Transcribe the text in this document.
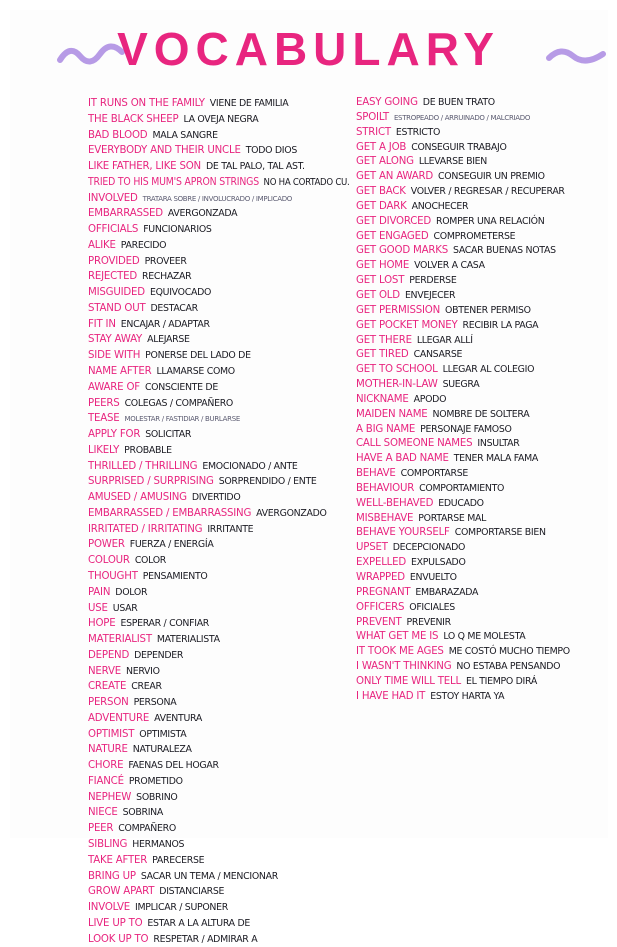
VOCABULARY
IT RUNS ON THE FAMILY VIENE DE FAMILIA
THE BLACK SHEEP LA OVEJA NEGRA
BAD BLOOD MALA SANGRE
EVERYBODY AND THEIR UNCLE TODO DIOS
LIKE FATHER, LIKE SON DE TAL PALO, TAL AST.
TRIED TO HIS MUM'S APRON STRINGS NO HA CORTADO CU.
INVOLVED TRATARA SOBRE / INVOLUCRADO / IMPLICADO
EMBARRASSED AVERGONZADA
OFFICIALS FUNCIONARIOS
ALIKE PARECIDO
PROVIDED PROVEER
REJECTED RECHAZAR
MISGUIDED EQUIVOCADO
STAND OUT DESTACAR
FIT IN ENCAJAR / ADAPTAR
STAY AWAY ALEJARSE
SIDE WITH PONERSE DEL LADO DE
NAME AFTER LLAMARSE COMO
AWARE OF CONSCIENTE DE
PEERS COLEGAS / COMPAÑERO
TEASE MOLESTAR / FASTIDIAR / BURLARSE
APPLY FOR SOLICITAR
LIKELY PROBABLE
THRILLED / THRILLING EMOCIONADO / ANTE
SURPRISED / SURPRISING SORPRENDIDO / ENTE
AMUSED / AMUSING DIVERTIDO
EMBARRASSED / EMBARRASSING AVERGONZADO
IRRITATED / IRRITATING IRRITANTE
POWER FUERZA / ENERGÍA
COLOUR COLOR
THOUGHT PENSAMIENTO
PAIN DOLOR
USE USAR
HOPE ESPERAR / CONFIAR
MATERIALIST MATERIALISTA
DEPEND DEPENDER
NERVE NERVIO
CREATE CREAR
PERSON PERSONA
ADVENTURE AVENTURA
OPTIMIST OPTIMISTA
NATURE NATURALEZA
CHORE FAENAS DEL HOGAR
FIANCÉ PROMETIDO
NEPHEW SOBRINO
NIECE SOBRINA
PEER COMPAÑERO
SIBLING HERMANOS
TAKE AFTER PARECERSE
BRING UP SACAR UN TEMA / MENCIONAR
GROW APART DISTANCIARSE
INVOLVE IMPLICAR / SUPONER
LIVE UP TO ESTAR A LA ALTURA DE
LOOK UP TO RESPETAR / ADMIRAR A
EASY GOING DE BUEN TRATO
SPOILT ESTROPEADO / ARRUINADO / MALCRIADO
STRICT ESTRICTO
GET A JOB CONSEGUIR TRABAJO
GET ALONG LLEVARSE BIEN
GET AN AWARD CONSEGUIR UN PREMIO
GET BACK VOLVER / REGRESAR / RECUPERAR
GET DARK ANOCHECER
GET DIVORCED ROMPER UNA RELACIÓN
GET ENGAGED COMPROMETERSE
GET GOOD MARKS SACAR BUENAS NOTAS
GET HOME VOLVER A CASA
GET LOST PERDERSE
GET OLD ENVEJECER
GET PERMISSION OBTENER PERMISO
GET POCKET MONEY RECIBIR LA PAGA
GET THERE LLEGAR ALLÍ
GET TIRED CANSARSE
GET TO SCHOOL LLEGAR AL COLEGIO
MOTHER-IN-LAW SUEGRA
NICKNAME APODO
MAIDEN NAME NOMBRE DE SOLTERA
A BIG NAME PERSONAJE FAMOSO
CALL SOMEONE NAMES INSULTAR
HAVE A BAD NAME TENER MALA FAMA
BEHAVE COMPORTARSE
BEHAVIOUR COMPORTAMIENTO
WELL-BEHAVED EDUCADO
MISBEHAVE PORTARSE MAL
BEHAVE YOURSELF COMPORTARSE BIEN
UPSET DECEPCIONADO
EXPELLED EXPULSADO
WRAPPED ENVUELTO
PREGNANT EMBARAZADA
OFFICERS OFICIALES
PREVENT PREVENIR
WHAT GET ME IS LO Q ME MOLESTA
IT TOOK ME AGES ME COSTÓ MUCHO TIEMPO
I WASN'T THINKING NO ESTABA PENSANDO
ONLY TIME WILL TELL EL TIEMPO DIRÁ
I HAVE HAD IT ESTOY HARTA YA
